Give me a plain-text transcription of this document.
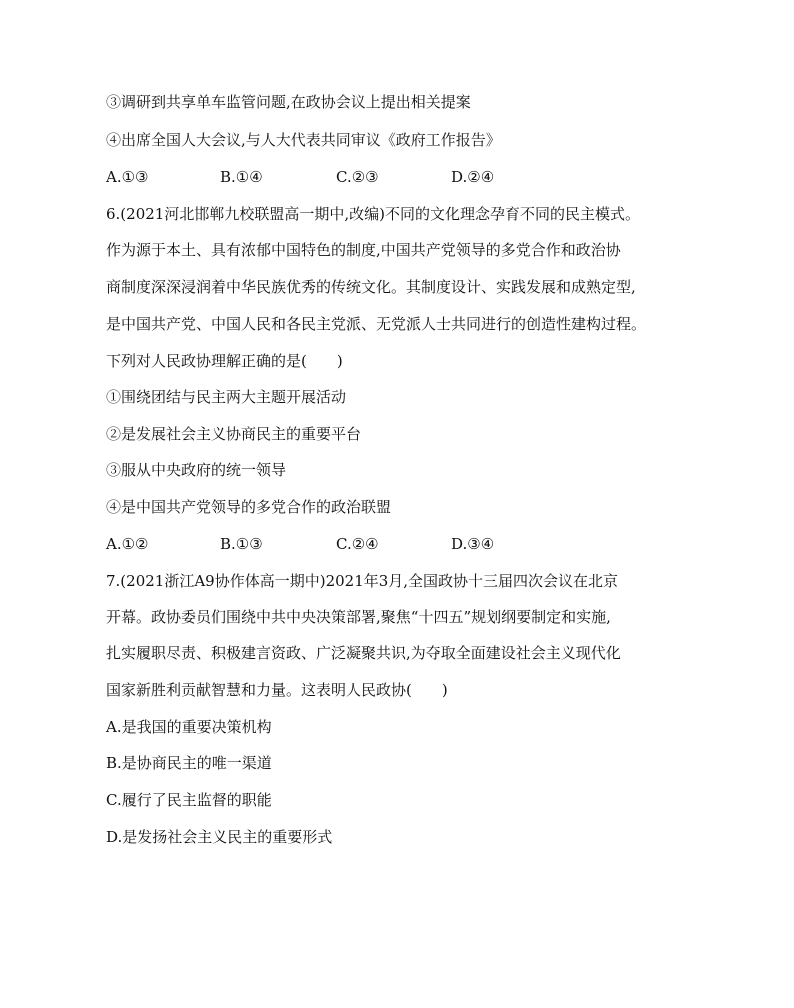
③调研到共享单车监管问题,在政协会议上提出相关提案
④出席全国人大会议,与人大代表共同审议《政府工作报告》
A.①③	B.①④	C.②③	D.②④
6.(2021河北邯郸九校联盟高一期中,改编)不同的文化理念孕育不同的民主模式。
作为源于本土、具有浓郁中国特色的制度,中国共产党领导的多党合作和政治协
商制度深深浸润着中华民族优秀的传统文化。其制度设计、实践发展和成熟定型,
是中国共产党、中国人民和各民主党派、无党派人士共同进行的创造性建构过程。
下列对人民政协理解正确的是(　　)
①围绕团结与民主两大主题开展活动
②是发展社会主义协商民主的重要平台
③服从中央政府的统一领导
④是中国共产党领导的多党合作的政治联盟
A.①②	B.①③	C.②④	D.③④
7.(2021浙江A9协作体高一期中)2021年3月,全国政协十三届四次会议在北京
开幕。政协委员们围绕中共中央决策部署,聚焦“十四五”规划纲要制定和实施,
扎实履职尽责、积极建言资政、广泛凝聚共识,为夺取全面建设社会主义现代化
国家新胜利贡献智慧和力量。这表明人民政协(　　)
A.是我国的重要决策机构
B.是协商民主的唯一渠道
C.履行了民主监督的职能
D.是发扬社会主义民主的重要形式
